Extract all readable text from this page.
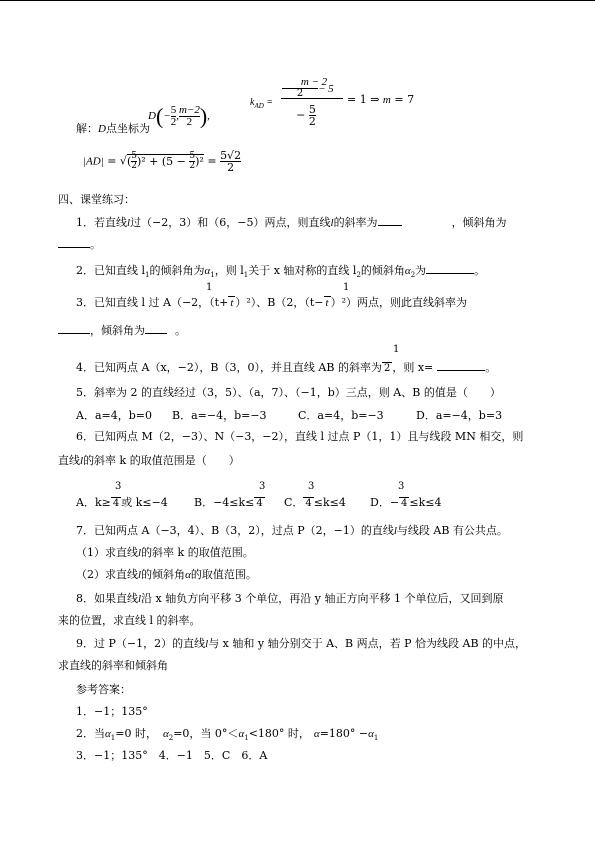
$\frac{m - 2}{2}$
− 5
$k_{AD}$ =
− $\frac{5}{2}$
= 1 ⇒ m = 7
解：D点坐标为
$D(- \frac{5}{2}$ , $\frac{m-2}{2}$ ),
|AD| = √( $\frac{5}{2} )^2 + (5 - \frac{5}{2} )^2 = \frac{5√2}{2}$
四、课堂练习：
1．若直线l过（−2，3）和（6，−5）两点，则直线l的斜率为	，倾斜角为
。
2．已知直线 $l_1$的倾斜角为$\alpha_1$，则 $l_1$关于 x 轴对称的直线 $l_2$的倾斜角$\alpha_2$为	。
1	1
3．已知直线 l 过 A（−2，（t+ t ）²）、B（2，（t− t ）²）两点，则此直线斜率为
，倾斜角为	。
1
4．已知两点 A（x，−2），B（3，0），并且直线 AB 的斜率为 2 ，则 x=	。
5．斜率为 2 的直线经过（3，5）、（a，7）、（−1，b）三点，则 A、B 的值是（　　）
A．a=4，b=0 B．a=−4，b=−3	C．a=4，b=−3	D．a=−4，b=3
6．已知两点 M（2，−3）、N（−3，−2），直线 l 过点 P（1，1）且与线段 MN 相交，则
直线l的斜率 k 的取值范围是（　　）
3	3	3	3
A．k≥ 4 或 k≤−4 B．−4≤k≤ 4 C． 4 ≤k≤4 D．− 4 ≤k≤4
7．已知两点 A（−3，4）、B（3，2），过点 P（2，−1）的直线l与线段 AB 有公共点。
（1）求直线l的斜率 k 的取值范围。
（2）求直线l的倾斜角α的取值范围。
8．如果直线l沿 x 轴负方向平移 3 个单位，再沿 y 轴正方向平移 1 个单位后，又回到原
来的位置，求直线 l 的斜率。
9．过 P（−1，2）的直线l与 x 轴和 y 轴分别交于 A、B 两点，若 P 恰为线段 AB 的中点，
求直线的斜率和倾斜角
参考答案：
1．−1；135°
2．当$\alpha_1=0$ 时， $\alpha_2=0$，当 $0^\circ<\alpha_1<180^\circ$ 时， $\alpha=180^\circ -\alpha_1$
3．−1；135°　4．−1　5．C　6．A
